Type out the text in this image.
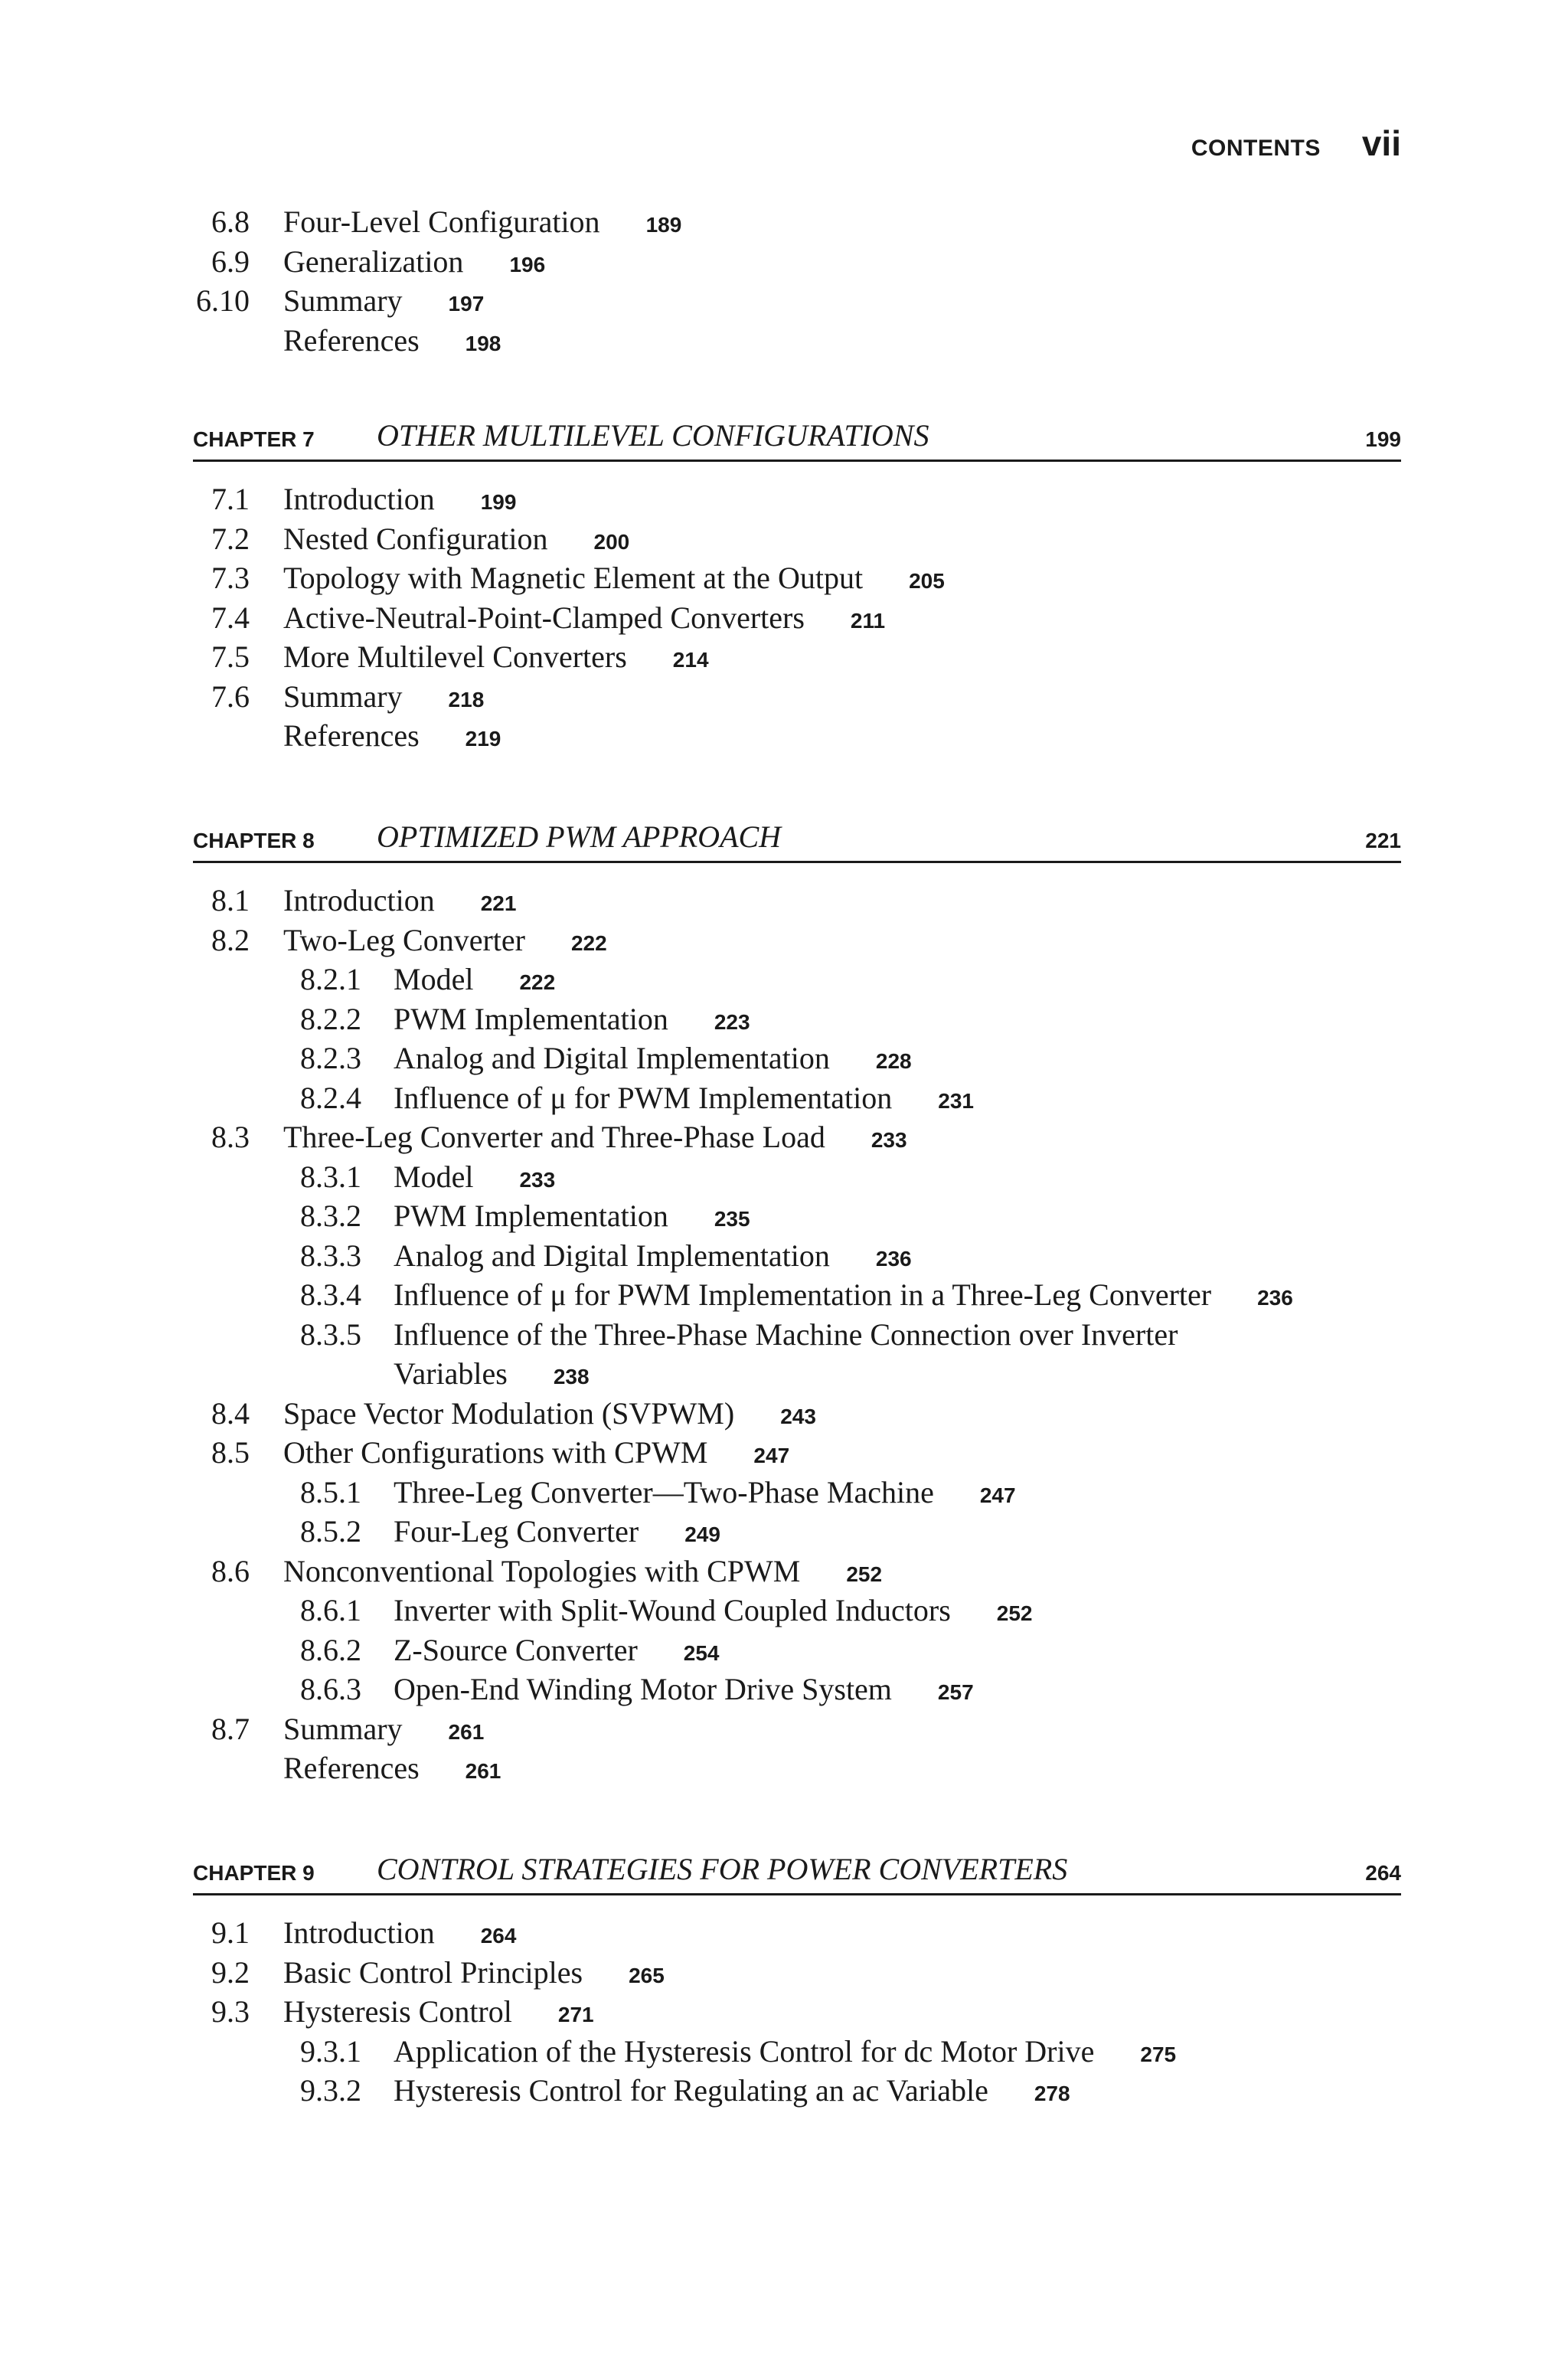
CONTENTS vii
6.8 Four-Level Configuration 189
6.9 Generalization 196
6.10 Summary 197
References 198
CHAPTER 7 OTHER MULTILEVEL CONFIGURATIONS	199
7.1 Introduction 199
7.2 Nested Configuration 200
7.3 Topology with Magnetic Element at the Output 205
7.4 Active-Neutral-Point-Clamped Converters 211
7.5 More Multilevel Converters 214
7.6 Summary 218
References 219
CHAPTER 8 OPTIMIZED PWM APPROACH	221
8.1 Introduction 221
8.2 Two-Leg Converter 222
8.2.1 Model 222
8.2.2 PWM Implementation 223
8.2.3 Analog and Digital Implementation 228
8.2.4 Influence of μ for PWM Implementation 231
8.3 Three-Leg Converter and Three-Phase Load 233
8.3.1 Model 233
8.3.2 PWM Implementation 235
8.3.3 Analog and Digital Implementation 236
8.3.4 Influence of μ for PWM Implementation in a Three-Leg Converter 236
8.3.5 Influence of the Three-Phase Machine Connection over Inverter
Variables 238
8.4 Space Vector Modulation (SVPWM) 243
8.5 Other Configurations with CPWM 247
8.5.1 Three-Leg Converter—Two-Phase Machine 247
8.5.2 Four-Leg Converter 249
8.6 Nonconventional Topologies with CPWM 252
8.6.1 Inverter with Split-Wound Coupled Inductors 252
8.6.2 Z-Source Converter 254
8.6.3 Open-End Winding Motor Drive System 257
8.7 Summary 261
References 261
CHAPTER 9 CONTROL STRATEGIES FOR POWER CONVERTERS	264
9.1 Introduction 264
9.2 Basic Control Principles 265
9.3 Hysteresis Control 271
9.3.1 Application of the Hysteresis Control for dc Motor Drive 275
9.3.2 Hysteresis Control for Regulating an ac Variable 278
